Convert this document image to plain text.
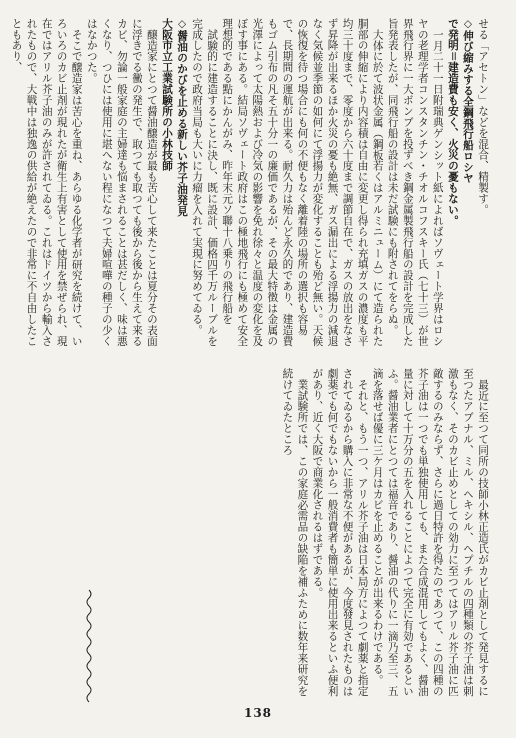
せる「アセトン」などを混合、精製す。

◇伸び縮みする全鋼飛行船ロシヤ

で発明＝建造費も安く、火災の憂もない。

一月二十一日附瑞典ゲンシット紙によればソヴェート学界はロシヤの老理学者コンスタンチン・チオルコフスキー氏（七十三）が世界飛行界に一大ボンブを投ずべき鋼金属製飛行船の設計を完成した旨発表したが、同飛行船の設計は未だ試験にも附されてをらぬ。

大体に於て波状金属（鋼板若くはアルミニューム）にて造られた胴部の伸縮により内容積は自由に変更し得られ充填ガスの濃度も平均三十度まで、零度から六十度まで調節自在で、ガスの放出をなさず昇降が出来るほか火災の憂も絶無、ガス漏出による浮揚力の減退なく気候並季節の如何にて浮揚力が変化することも殆ど無い。天候の恢復を待つ場合にも何の不便もなく離着陸の場所の選択も容易で、長期間の運航が出来る。耐久力は殆んど永久的であり、建造費もゴム引布の凡そ五十分一の廉価であるが、その最大特徴は金属の光澤によって太陽熱および冷気の影響を免れ徐々と温度の変化を及ぼす事にある。結局ソヴェート政府はこの極地飛行にも極めて安全理想的である點にかんがみ、昨年末元ソ聯十八乗りの飛行船を

試験的に建造することに決し、既に設計、価格四千万ルーブルを完成したので政府当局も大いに力瘤を入れて実現に努めてゐる。

◇醤油のかびを止める新しい芥子油発見

大阪市立工業試験所の小林技師

醸造家にとつて醤油醸造が最も苦心して来たことは夏分その表面に浮きでる黴の発生で、取つても取つても後から後から生えて来るカビ、勿論一般家庭の主婦達も悩まされることは甚だしく、味は悪くなり、つひには使用に堪へない程になつて夫婦喧嘩の種子の少くはなかつた。

そこで醸造家は苦心を重ね、あらゆる化学者が研究を続けて、いろいろのカビ止剤が現れたが衛生上有害として使用を禁ぜられ、現在ではアリル芥子油のみが許されてゐる。これはドイツから輸入されたもので、大戦中は独逸の供給が絶えたので非常に不自由したこともあり、

最近に至つて同所の技師小林正造氏がカビ止剤として発見するに至つたアブナル、ミル、ヘキシル、ヘプチルの四種類の芥子油は刺激もなく、そのカビ止めとしての効力に至つてはアリル芥子油に匹敵するのみならず、さらに過日特許を得たのであつて、この四種の芥子油は一つでも単独使用しても、また合成混用してもよく、醤油量に対して十万分の五を入れることによつて完全に有効であるといふ。醤油業者にとつては福音であり、醤油の代りに一滴乃至三、五滴を落せば優に三ケ月はカビを止めることが出来るわけである。

それと、もう一つ、アリル芥子油は日本局方によつて劇薬と指定されてゐるから購入に非常な不便があるが、今度發見されたものは劇薬でも何でもないから一般消費者も簡単に使用出来るといふ便利があり、近く大阪で商業化されるはずである。

業試験所では、この家庭必需品の缺陥を補ふために数年来研究を続けてゐたところ

138
